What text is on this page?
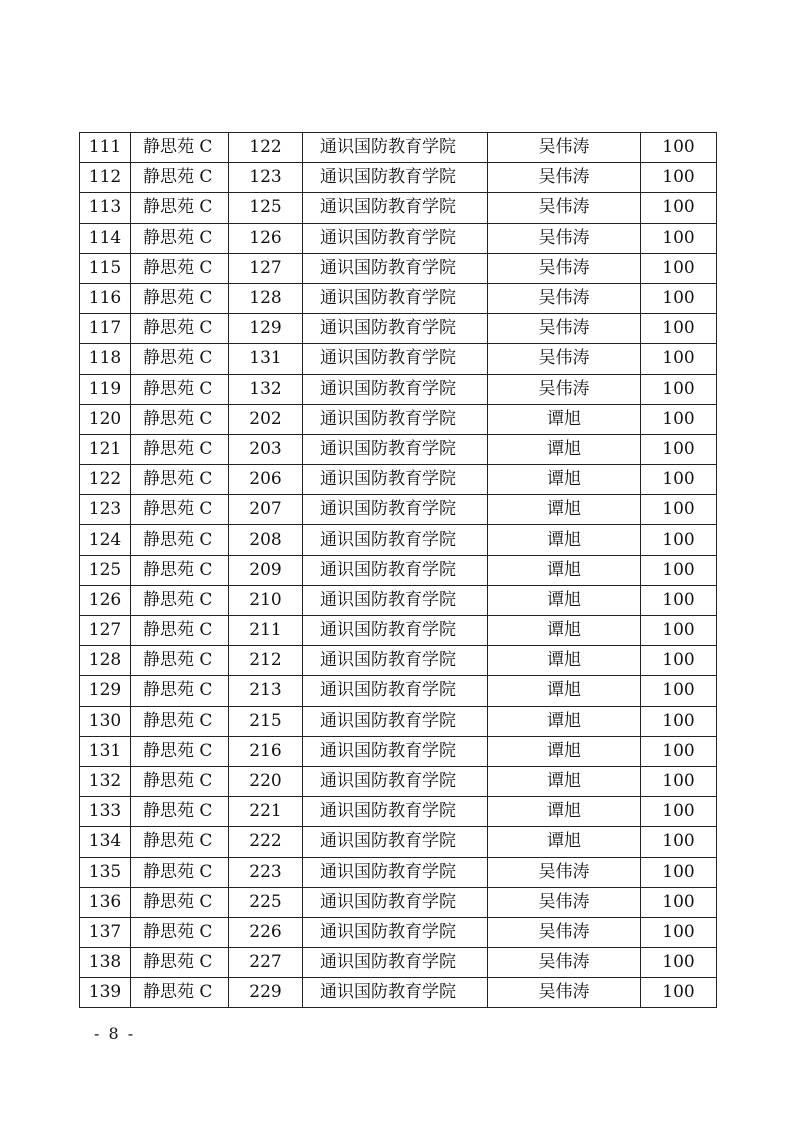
111	静思苑 C	122	通识国防教育学院	吴伟涛	100
112	静思苑 C	123	通识国防教育学院	吴伟涛	100
113	静思苑 C	125	通识国防教育学院	吴伟涛	100
114	静思苑 C	126	通识国防教育学院	吴伟涛	100
115	静思苑 C	127	通识国防教育学院	吴伟涛	100
116	静思苑 C	128	通识国防教育学院	吴伟涛	100
117	静思苑 C	129	通识国防教育学院	吴伟涛	100
118	静思苑 C	131	通识国防教育学院	吴伟涛	100
119	静思苑 C	132	通识国防教育学院	吴伟涛	100
120	静思苑 C	202	通识国防教育学院	谭旭	100
121	静思苑 C	203	通识国防教育学院	谭旭	100
122	静思苑 C	206	通识国防教育学院	谭旭	100
123	静思苑 C	207	通识国防教育学院	谭旭	100
124	静思苑 C	208	通识国防教育学院	谭旭	100
125	静思苑 C	209	通识国防教育学院	谭旭	100
126	静思苑 C	210	通识国防教育学院	谭旭	100
127	静思苑 C	211	通识国防教育学院	谭旭	100
128	静思苑 C	212	通识国防教育学院	谭旭	100
129	静思苑 C	213	通识国防教育学院	谭旭	100
130	静思苑 C	215	通识国防教育学院	谭旭	100
131	静思苑 C	216	通识国防教育学院	谭旭	100
132	静思苑 C	220	通识国防教育学院	谭旭	100
133	静思苑 C	221	通识国防教育学院	谭旭	100
134	静思苑 C	222	通识国防教育学院	谭旭	100
135	静思苑 C	223	通识国防教育学院	吴伟涛	100
136	静思苑 C	225	通识国防教育学院	吴伟涛	100
137	静思苑 C	226	通识国防教育学院	吴伟涛	100
138	静思苑 C	227	通识国防教育学院	吴伟涛	100
139	静思苑 C	229	通识国防教育学院	吴伟涛	100
- 8 -
